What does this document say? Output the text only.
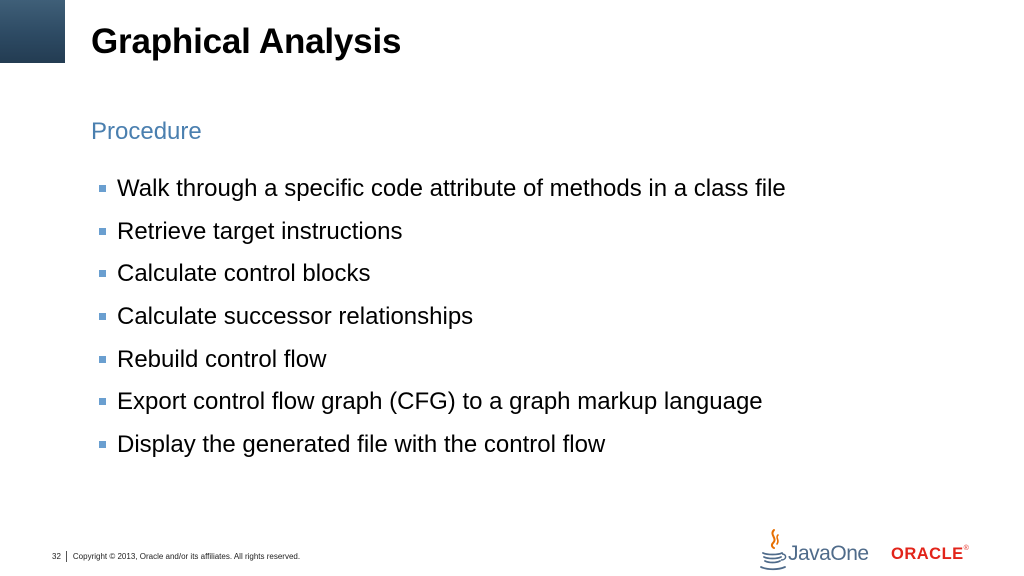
Graphical Analysis
Procedure
Walk through a specific code attribute of methods in a class file
Retrieve target instructions
Calculate control blocks
Calculate successor relationships
Rebuild control flow
Export control flow graph (CFG) to a graph markup language
Display the generated file with the control flow
32 Copyright © 2013, Oracle and/or its affiliates. All rights reserved.	JavaOne ORACLE®
